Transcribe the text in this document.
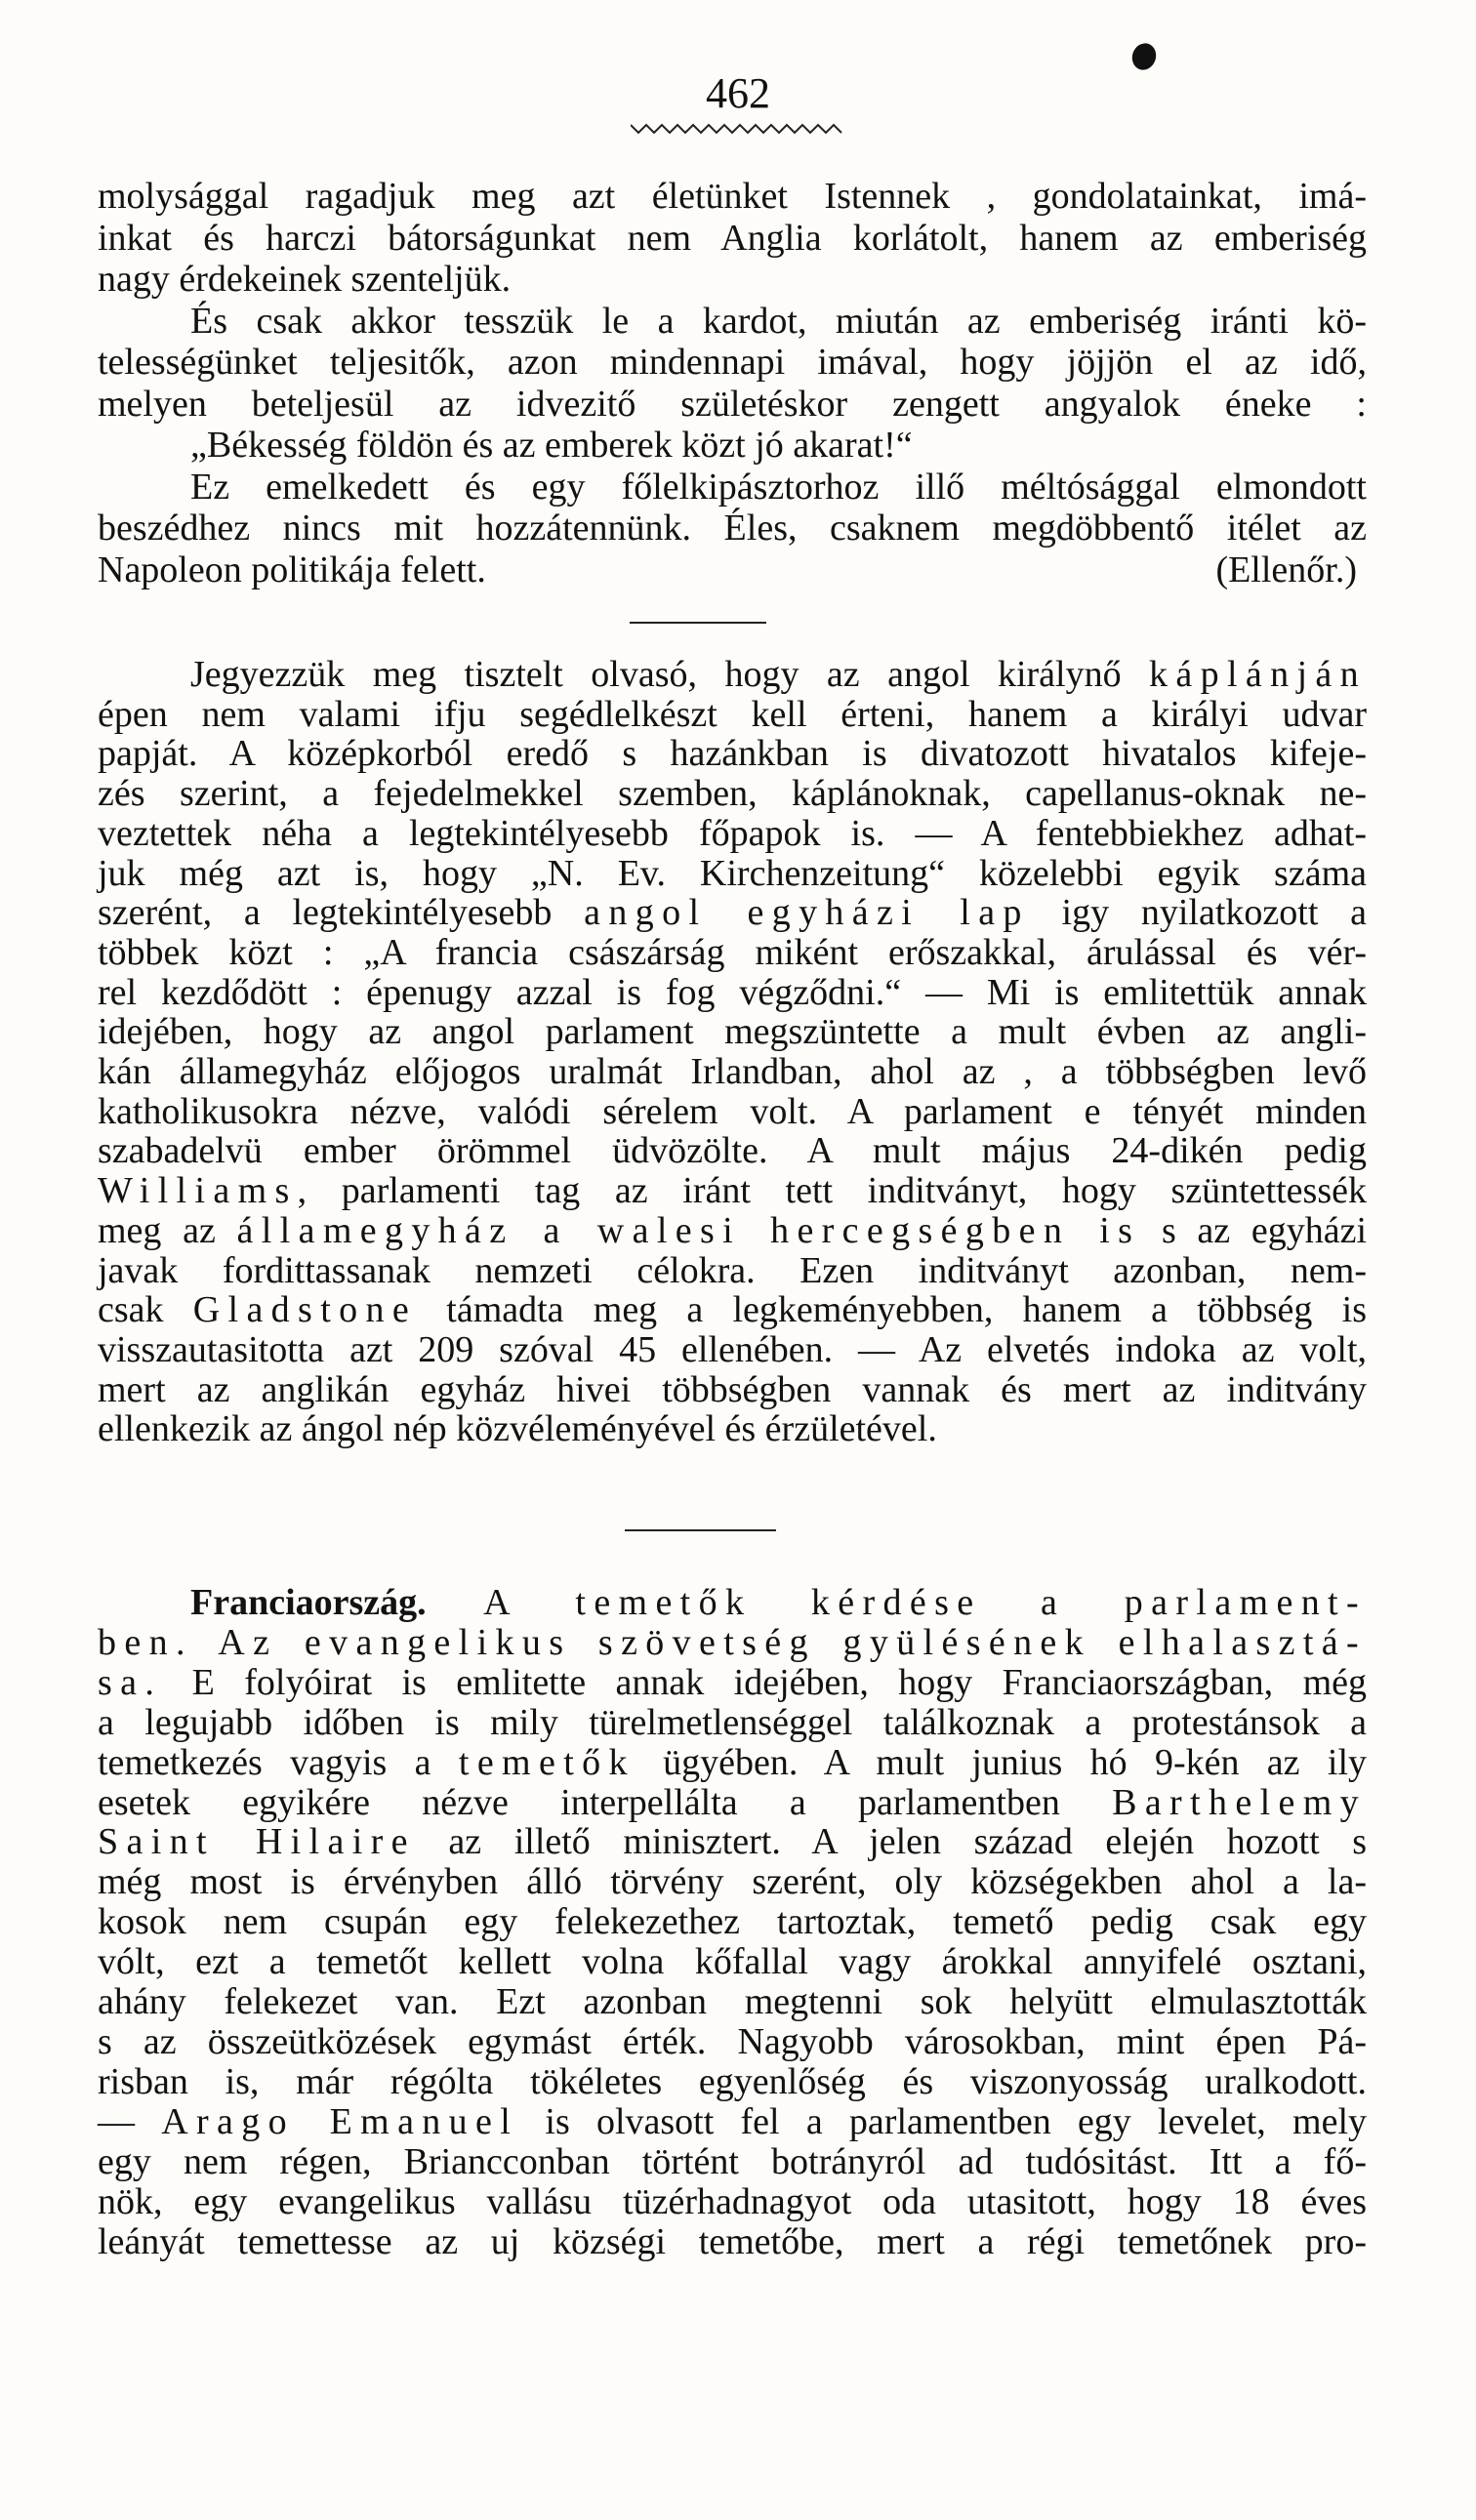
462
molysággal ragadjuk meg azt életünket Istennek , gondolatainkat, imá-
inkat és harczi bátorságunkat nem Anglia korlátolt, hanem az emberiség
nagy érdekeinek szenteljük.
És csak akkor tesszük le a kardot, miután az emberiség iránti kö-
telességünket teljesitők, azon mindennapi imával, hogy jöjjön el az idő,
melyen beteljesül az idvezitő születéskor zengett angyalok éneke :
„Békesség földön és az emberek közt jó akarat!“
Ez emelkedett és egy főlelkipásztorhoz illő méltósággal elmondott
beszédhez nincs mit hozzátennünk. Éles, csaknem megdöbbentő itélet az
Napoleon politikája felett.	(Ellenőr.)
Jegyezzük meg tisztelt olvasó, hogy az angol királynő káplánján
épen nem valami ifju segédlelkészt kell érteni, hanem a királyi udvar
papját. A középkorból eredő s hazánkban is divatozott hivatalos kifeje-
zés szerint, a fejedelmekkel szemben, káplánoknak, capellanus-oknak ne-
veztettek néha a legtekintélyesebb főpapok is. — A fentebbiekhez adhat-
juk még azt is, hogy „N. Ev. Kirchenzeitung“ közelebbi egyik száma
szerént, a legtekintélyesebb angol egyházi lap igy nyilatkozott a
többek közt : „A francia császárság miként erőszakkal, árulással és vér-
rel kezdődött : épenugy azzal is fog végződni.“ — Mi is emlitettük annak
idejében, hogy az angol parlament megszüntette a mult évben az angli-
kán államegyház előjogos uralmát Irlandban, ahol az , a többségben levő
katholikusokra nézve, valódi sérelem volt. A parlament e tényét minden
szabadelvü ember örömmel üdvözölte. A mult május 24-dikén pedig
Williams, parlamenti tag az iránt tett inditványt, hogy szüntettessék
meg az államegyház a walesi hercegségben is s az egyházi
javak fordittassanak nemzeti célokra. Ezen inditványt azonban, nem-
csak Gladstone támadta meg a legkeményebben, hanem a többség is
visszautasitotta azt 209 szóval 45 ellenében. — Az elvetés indoka az volt,
mert az anglikán egyház hivei többségben vannak és mert az inditvány
ellenkezik az ángol nép közvéleményével és érzületével.
Franciaország. A temetők kérdése a parlament-
ben. Az evangelikus szövetség gyülésének elhalasztá-
sa. E folyóirat is emlitette annak idejében, hogy Franciaországban, még
a legujabb időben is mily türelmetlenséggel találkoznak a protestánsok a
temetkezés vagyis a temetők ügyében. A mult junius hó 9-kén az ily
esetek egyikére nézve interpellálta a parlamentben Barthelemy
Saint Hilaire az illető minisztert. A jelen század elején hozott s
még most is érvényben álló törvény szerént, oly községekben ahol a la-
kosok nem csupán egy felekezethez tartoztak, temető pedig csak egy
vólt, ezt a temetőt kellett volna kőfallal vagy árokkal annyifelé osztani,
ahány felekezet van. Ezt azonban megtenni sok helyütt elmulasztották
s az összeütközések egymást érték. Nagyobb városokban, mint épen Pá-
risban is, már régólta tökéletes egyenlőség és viszonyosság uralkodott.
— Arago Emanuel is olvasott fel a parlamentben egy levelet, mely
egy nem régen, Briancconban történt botrányról ad tudósitást. Itt a fő-
nök, egy evangelikus vallásu tüzérhadnagyot oda utasitott, hogy 18 éves
leányát temettesse az uj községi temetőbe, mert a régi temetőnek pro-
